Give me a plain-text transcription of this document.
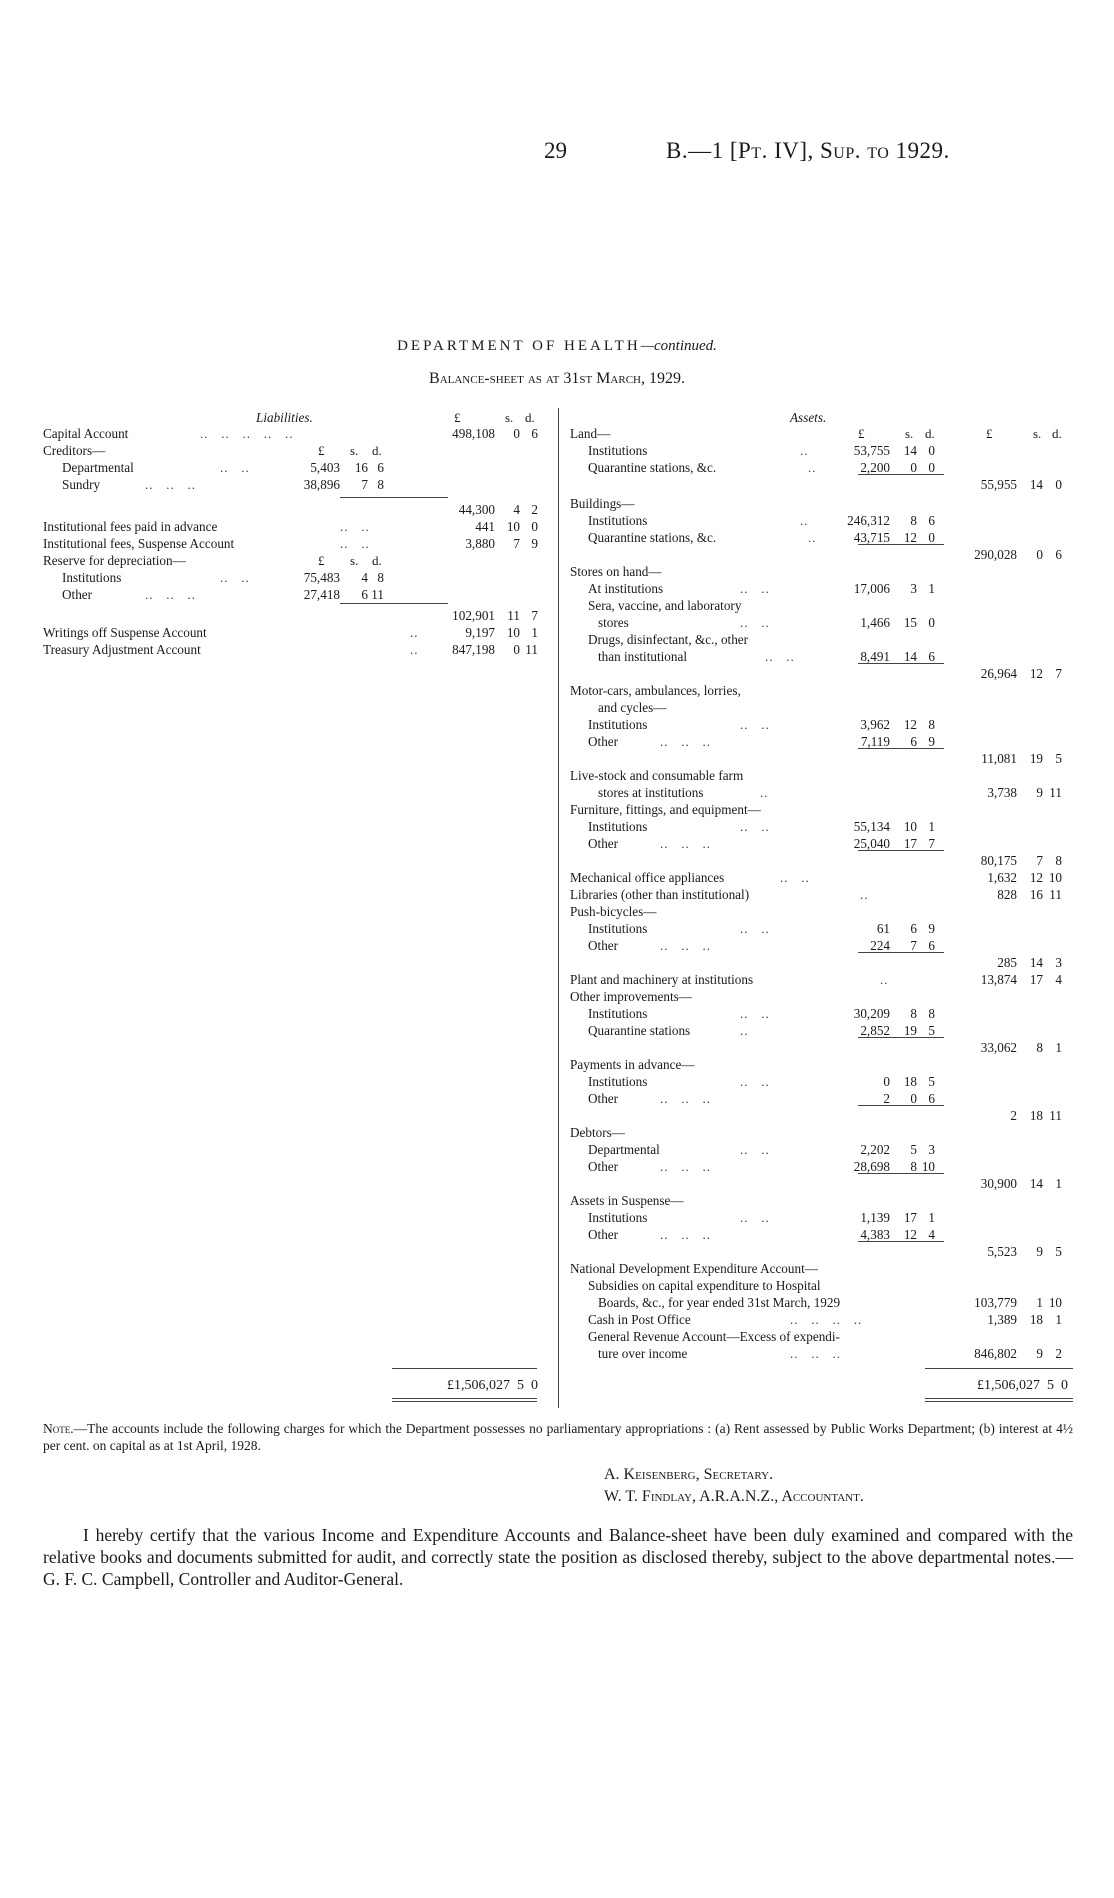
29	B.—1 [Pt. IV], Sup. to 1929.
DEPARTMENT OF HEALTH—continued.
Balance-sheet as at 31st March, 1929.
Liabilities.	£	s. d.
Capital Account	..   ..   ..   ..   ..	498,108 0 6
Creditors—	£ s. d.
Departmental	..   ..	5,403 16 6
Sundry	..   ..   ..	38,896 7 8
44,300 4 2
Institutional fees paid in advance	..   ..	441 10 0
Institutional fees, Suspense Account	..   ..	3,880 7 9
Reserve for depreciation—	£ s. d.
Institutions	..   ..	75,483 4 8
Other	..   ..   ..	27,418 6 11
102,901 11 7
Writings off Suspense Account	..	9,197 10 1
Treasury Adjustment Account	..	847,198 0 11
£1,506,027  5  0
Assets.
£	s. d.	£	s. d.
Land—
Institutions	..	53,755 14 0
Quarantine stations, &c.	..	2,200 0 0
55,955 14 0
Buildings—
Institutions	..	246,312 8 6
Quarantine stations, &c.	..	43,715 12 0
290,028 0 6
Stores on hand—
At institutions	..   ..	17,006 3 1
Sera, vaccine, and laboratory
stores	..   ..	1,466 15 0
Drugs, disinfectant, &c., other
than institutional	..   ..	8,491 14 6
26,964 12 7
Motor-cars, ambulances, lorries,
and cycles—
Institutions	..   ..	3,962 12 8
Other	..   ..   ..	7,119 6 9
11,081 19 5
Live-stock and consumable farm
stores at institutions	..	3,738 9 11
Furniture, fittings, and equipment—
Institutions	..   ..	55,134 10 1
Other	..   ..   ..	25,040 17 7
80,175 7 8
Mechanical office appliances	..   ..	1,632 12 10
Libraries (other than institutional)	..	828 16 11
Push-bicycles—
Institutions	..   ..	61 6 9
Other	..   ..   ..	224 7 6
285 14 3
Plant and machinery at institutions	..	13,874 17 4
Other improvements—
Institutions	..   ..	30,209 8 8
Quarantine stations	..	2,852 19 5
33,062 8 1
Payments in advance—
Institutions	..   ..	0 18 5
Other	..   ..   ..	2 0 6
2 18 11
Debtors—
Departmental	..   ..	2,202 5 3
Other	..   ..   ..	28,698 8 10
30,900 14 1
Assets in Suspense—
Institutions	..   ..	1,139 17 1
Other	..   ..   ..	4,383 12 4
5,523 9 5
National Development Expenditure Account—
Subsidies on capital expenditure to Hospital
Boards, &c., for year ended 31st March, 1929	103,779 1 10
Cash in Post Office	..   ..   ..   ..	1,389 18 1
General Revenue Account—Excess of expendi-
ture over income	..   ..   ..	846,802 9 2
£1,506,027  5  0
Note.—The accounts include the following charges for which the Department possesses no parliamentary appropriations : (a) Rent assessed by Public Works Department; (b) interest at 4½ per cent. on capital as at 1st April, 1928.
A. Keisenberg, Secretary.
W. T. Findlay, A.R.A.N.Z., Accountant.
I hereby certify that the various Income and Expenditure Accounts and Balance-sheet have been duly examined and compared with the relative books and documents submitted for audit, and correctly state the position as disclosed thereby, subject to the above departmental notes.—G. F. C. Campbell, Controller and Auditor-General.
